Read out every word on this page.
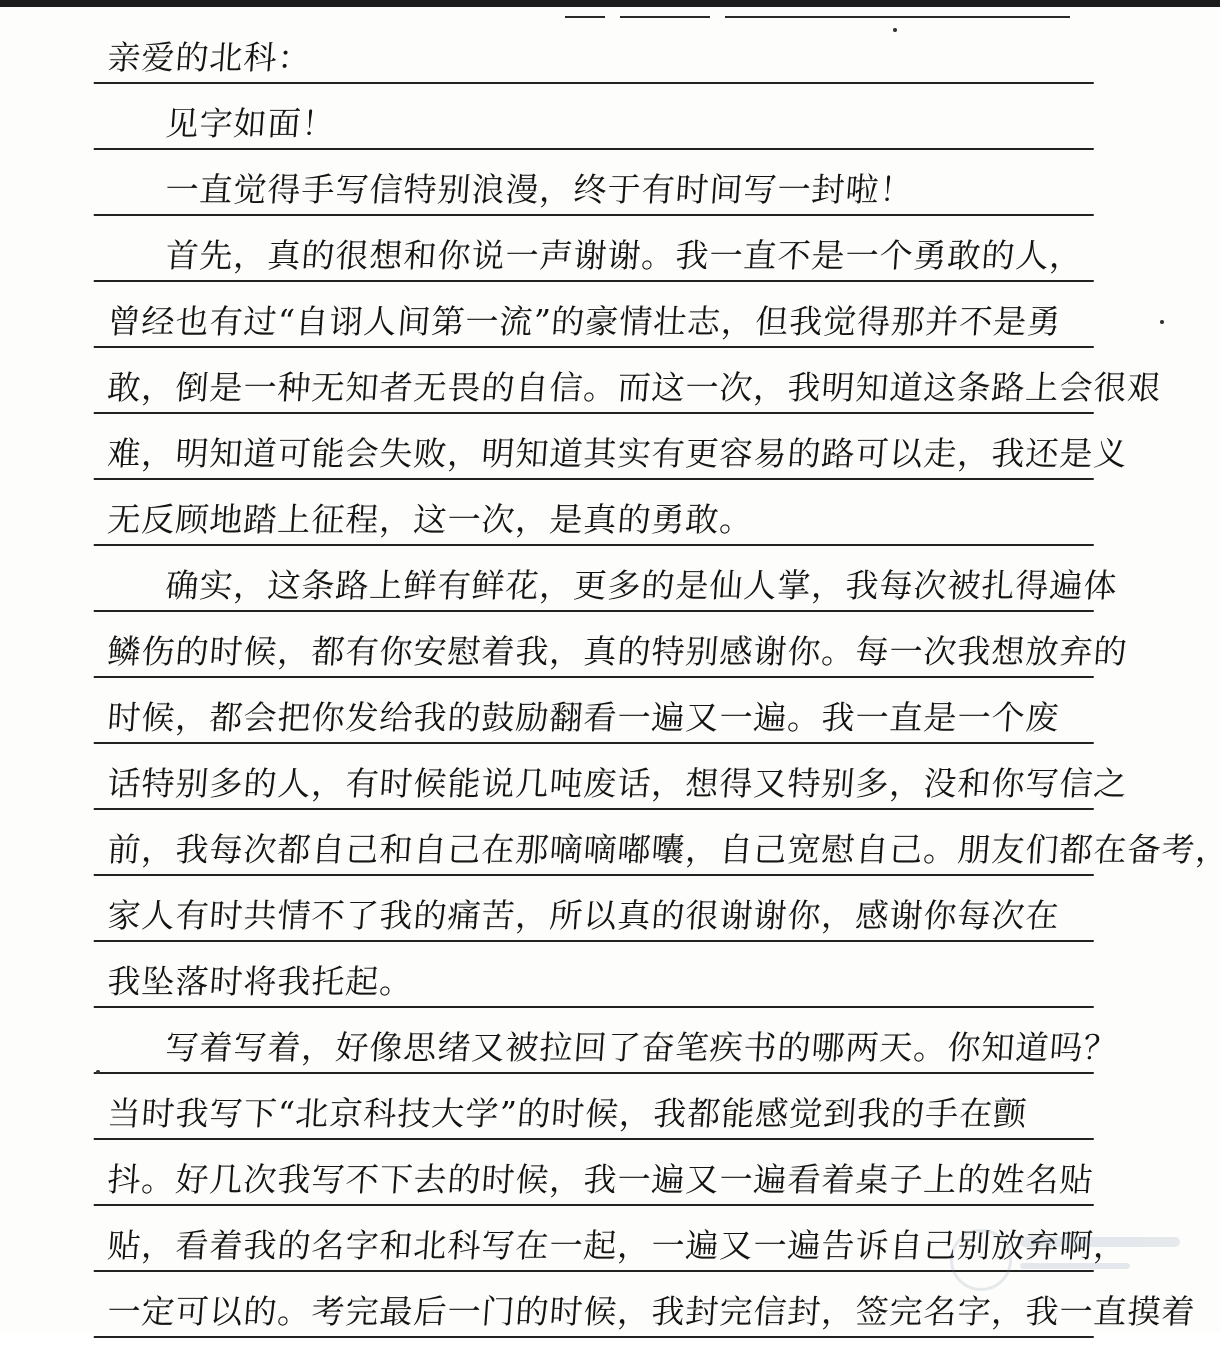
亲爱的北科：
见字如面！
一直觉得手写信特别浪漫，终于有时间写一封啦！
首先，真的很想和你说一声谢谢。我一直不是一个勇敢的人，
曾经也有过“自诩人间第一流”的豪情壮志，但我觉得那并不是勇
敢，倒是一种无知者无畏的自信。而这一次，我明知道这条路上会很艰
难，明知道可能会失败，明知道其实有更容易的路可以走，我还是义
无反顾地踏上征程，这一次，是真的勇敢。
确实，这条路上鲜有鲜花，更多的是仙人掌，我每次被扎得遍体
鳞伤的时候，都有你安慰着我，真的特别感谢你。每一次我想放弃的
时候，都会把你发给我的鼓励翻看一遍又一遍。我一直是一个废
话特别多的人，有时候能说几吨废话，想得又特别多，没和你写信之
前，我每次都自己和自己在那嘀嘀嘟囔，自己宽慰自己。朋友们都在备考，
家人有时共情不了我的痛苦，所以真的很谢谢你，感谢你每次在
我坠落时将我托起。
写着写着，好像思绪又被拉回了奋笔疾书的哪两天。你知道吗？
当时我写下“北京科技大学”的时候，我都能感觉到我的手在颤
抖。好几次我写不下去的时候，我一遍又一遍看着桌子上的姓名贴
贴，看着我的名字和北科写在一起，一遍又一遍告诉自己别放弃啊，
一定可以的。考完最后一门的时候，我封完信封，签完名字，我一直摸着
